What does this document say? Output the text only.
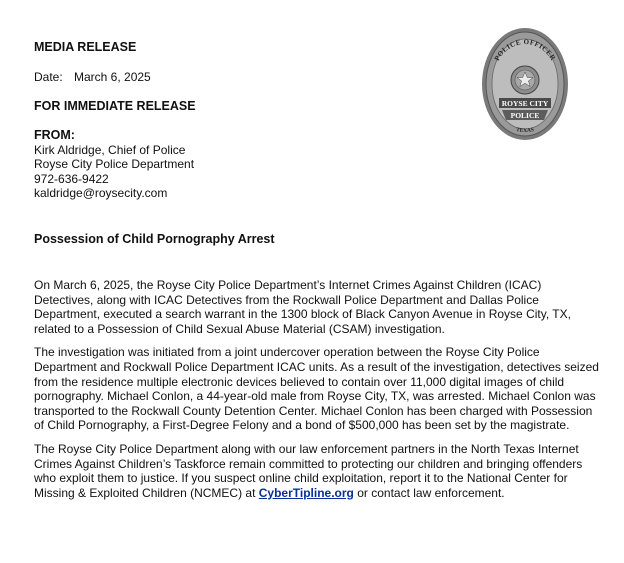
MEDIA RELEASE
Date: March 6, 2025
FOR IMMEDIATE RELEASE
FROM:
Kirk Aldridge, Chief of Police
Royse City Police Department
972-636-9422
kaldridge@roysecity.com
POLICE OFFICER
ROYSE CITY
POLICE
TEXAS
Possession of Child Pornography Arrest

On March 6, 2025, the Royse City Police Department’s Internet Crimes Against Children (ICAC) Detectives, along with ICAC Detectives from the Rockwall Police Department and Dallas Police Department, executed a search warrant in the 1300 block of Black Canyon Avenue in Royse City, TX, related to a Possession of Child Sexual Abuse Material (CSAM) investigation.

The investigation was initiated from a joint undercover operation between the Royse City Police Department and Rockwall Police Department ICAC units. As a result of the investigation, detectives seized from the residence multiple electronic devices believed to contain over 11,000 digital images of child pornography. Michael Conlon, a 44-year-old male from Royse City, TX, was arrested. Michael Conlon was transported to the Rockwall County Detention Center. Michael Conlon has been charged with Possession of Child Pornography, a First-Degree Felony and a bond of $500,000 has been set by the magistrate.

The Royse City Police Department along with our law enforcement partners in the North Texas Internet Crimes Against Children’s Taskforce remain committed to protecting our children and bringing offenders who exploit them to justice. If you suspect online child exploitation, report it to the National Center for Missing & Exploited Children (NCMEC) at CyberTipline.org or contact law enforcement.
